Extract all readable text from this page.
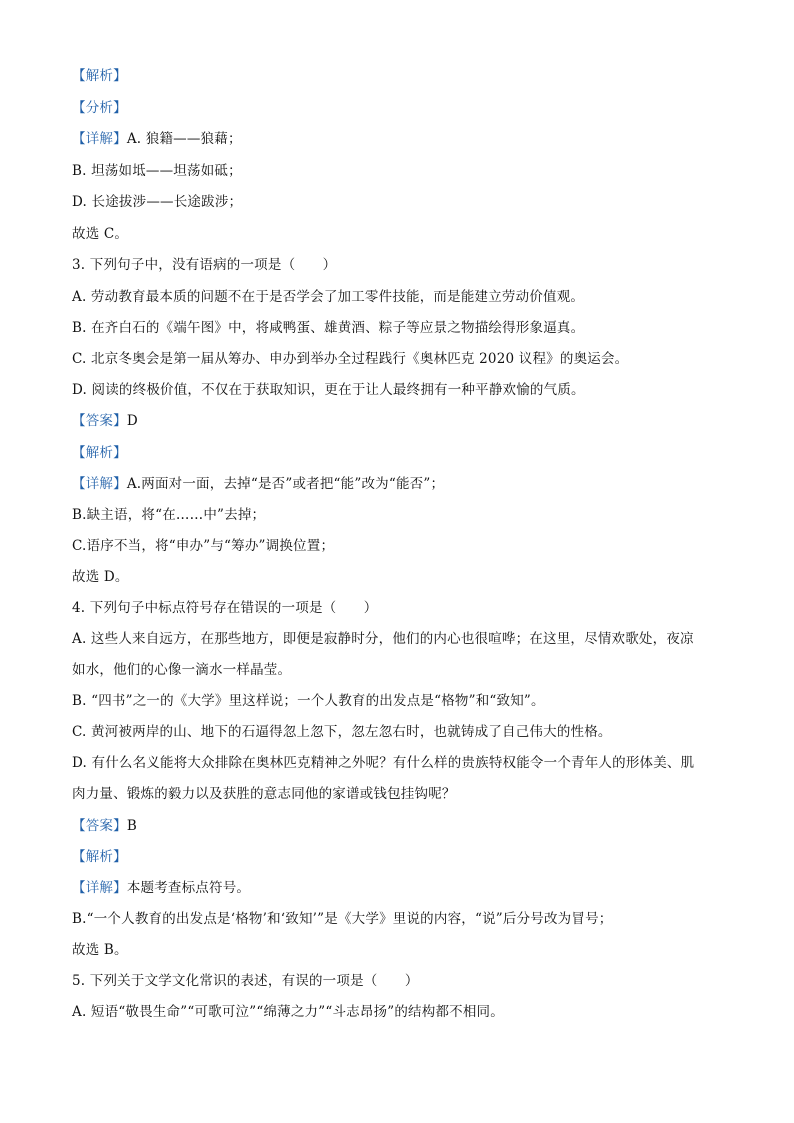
【解析】
【分析】
【详解】A. 狼籍——狼藉；
B. 坦荡如坻——坦荡如砥；
D. 长途拔涉——长途跋涉；
故选 C。
3. 下列句子中，没有语病的一项是（　　）
A. 劳动教育最本质的问题不在于是否学会了加工零件技能，而是能建立劳动价值观。
B. 在齐白石的《端午图》中，将咸鸭蛋、雄黄酒、粽子等应景之物描绘得形象逼真。
C. 北京冬奥会是第一届从筹办、申办到举办全过程践行《奥林匹克 2020 议程》的奥运会。
D. 阅读的终极价值，不仅在于获取知识，更在于让人最终拥有一种平静欢愉的气质。
【答案】D
【解析】
【详解】A.两面对一面，去掉“是否”或者把“能”改为“能否”；
B.缺主语，将“在……中”去掉；
C.语序不当，将“申办”与“筹办”调换位置；
故选 D。
4. 下列句子中标点符号存在错误的一项是（　　）
A. 这些人来自远方，在那些地方，即便是寂静时分，他们的内心也很喧哗；在这里，尽情欢歌处，夜凉
如水，他们的心像一滴水一样晶莹。
B. “四书”之一的《大学》里这样说；一个人教育的出发点是“格物”和“致知”。
C. 黄河被两岸的山、地下的石逼得忽上忽下，忽左忽右时，也就铸成了自己伟大的性格。
D. 有什么名义能将大众排除在奥林匹克精神之外呢？有什么样的贵族特权能令一个青年人的形体美、肌
肉力量、锻炼的毅力以及获胜的意志同他的家谱或钱包挂钩呢？
【答案】B
【解析】
【详解】本题考查标点符号。
B.“一个人教育的出发点是‘格物’和‘致知’”是《大学》里说的内容，“说”后分号改为冒号；
故选 B。
5. 下列关于文学文化常识的表述，有误的一项是（　　）
A. 短语“敬畏生命”“可歌可泣”“绵薄之力”“斗志昂扬”的结构都不相同。
